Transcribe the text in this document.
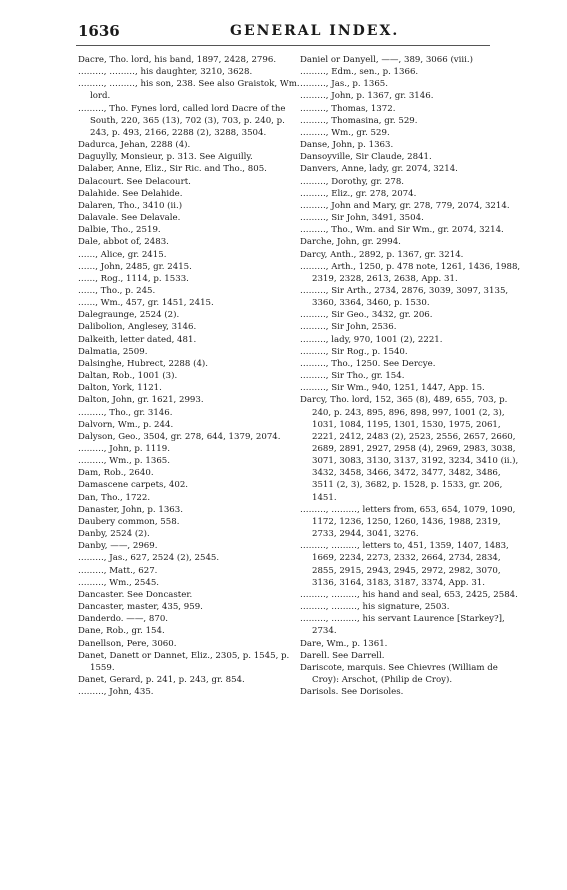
1636	GENERAL INDEX.
Dacre, Tho. lord, his band, 1897, 2428, 2796.
………, ………, his daughter, 3210, 3628.
………, ………, his son, 238. See also Graistok, Wm. lord.
………, Tho. Fynes lord, called lord Dacre of the South, 220, 365 (13), 702 (3), 703, p. 240, p. 243, p. 493, 2166, 2288 (2), 3288, 3504.
Dadurca, Jehan, 2288 (4).
Daguylly, Monsieur, p. 313. See Aiguilly.
Dalaber, Anne, Eliz., Sir Ric. and Tho., 805.
Dalacourt. See Delacourt.
Dalahide. See Delahide.
Dalaren, Tho., 3410 (ii.)
Dalavale. See Delavale.
Dalbie, Tho., 2519.
Dale, abbot of, 2483.
……, Alice, gr. 2415.
……, John, 2485, gr. 2415.
……, Rog., 1114, p. 1533.
……, Tho., p. 245.
……, Wm., 457, gr. 1451, 2415.
Dalegraunge, 2524 (2).
Dalibolion, Anglesey, 3146.
Dalkeith, letter dated, 481.
Dalmatia, 2509.
Dalsinghe, Hubrect, 2288 (4).
Daltan, Rob., 1001 (3).
Dalton, York, 1121.
Dalton, John, gr. 1621, 2993.
………, Tho., gr. 3146.
Dalvorn, Wm., p. 244.
Dalyson, Geo., 3504, gr. 278, 644, 1379, 2074.
………, John, p. 1119.
………, Wm., p. 1365.
Dam, Rob., 2640.
Damascene carpets, 402.
Dan, Tho., 1722.
Danaster, John, p. 1363.
Daubery common, 558.
Danby, 2524 (2).
Danby, ——, 2969.
………, Jas., 627, 2524 (2), 2545.
………, Matt., 627.
………, Wm., 2545.
Dancaster. See Doncaster.
Dancaster, master, 435, 959.
Danderdo. ——, 870.
Dane, Rob., gr. 154.
Danellson, Pere, 3060.
Danet, Danett or Dannet, Eliz., 2305, p. 1545, p. 1559.
Danet, Gerard, p. 241, p. 243, gr. 854.
………, John, 435.
Daniel or Danyell, ——, 389, 3066 (viii.)
………, Edm., sen., p. 1366.
………, Jas., p. 1365.
………, John, p. 1367, gr. 3146.
………, Thomas, 1372.
………, Thomasina, gr. 529.
………, Wm., gr. 529.
Danse, John, p. 1363.
Dansoyville, Sir Claude, 2841.
Danvers, Anne, lady, gr. 2074, 3214.
………, Dorothy, gr. 278.
………, Eliz., gr. 278, 2074.
………, John and Mary, gr. 278, 779, 2074, 3214.
………, Sir John, 3491, 3504.
………, Tho., Wm. and Sir Wm., gr. 2074, 3214.
Darche, John, gr. 2994.
Darcy, Anth., 2892, p. 1367, gr. 3214.
………, Arth., 1250, p. 478 note, 1261, 1436, 1988, 2319, 2328, 2613, 2638, App. 31.
………, Sir Arth., 2734, 2876, 3039, 3097, 3135, 3360, 3364, 3460, p. 1530.
………, Sir Geo., 3432, gr. 206.
………, Sir John, 2536.
………, lady, 970, 1001 (2), 2221.
………, Sir Rog., p. 1540.
………, Tho., 1250. See Dercye.
………, Sir Tho., gr. 154.
………, Sir Wm., 940, 1251, 1447, App. 15.
Darcy, Tho. lord, 152, 365 (8), 489, 655, 703, p. 240, p. 243, 895, 896, 898, 997, 1001 (2, 3), 1031, 1084, 1195, 1301, 1530, 1975, 2061, 2221, 2412, 2483 (2), 2523, 2556, 2657, 2660, 2689, 2891, 2927, 2958 (4), 2969, 2983, 3038, 3071, 3083, 3130, 3137, 3192, 3234, 3410 (ii.), 3432, 3458, 3466, 3472, 3477, 3482, 3486, 3511 (2, 3), 3682, p. 1528, p. 1533, gr. 206, 1451.
………, ………, letters from, 653, 654, 1079, 1090, 1172, 1236, 1250, 1260, 1436, 1988, 2319, 2733, 2944, 3041, 3276.
………, ………, letters to, 451, 1359, 1407, 1483, 1669, 2234, 2273, 2332, 2664, 2734, 2834, 2855, 2915, 2943, 2945, 2972, 2982, 3070, 3136, 3164, 3183, 3187, 3374, App. 31.
………, ………, his hand and seal, 653, 2425, 2584.
………, ………, his signature, 2503.
………, ………, his servant Laurence [Starkey?], 2734.
Dare, Wm., p. 1361.
Darell. See Darrell.
Dariscote, marquis. See Chievres (William de Croy): Arschot, (Philip de Croy).
Darisols. See Dorisoles.
